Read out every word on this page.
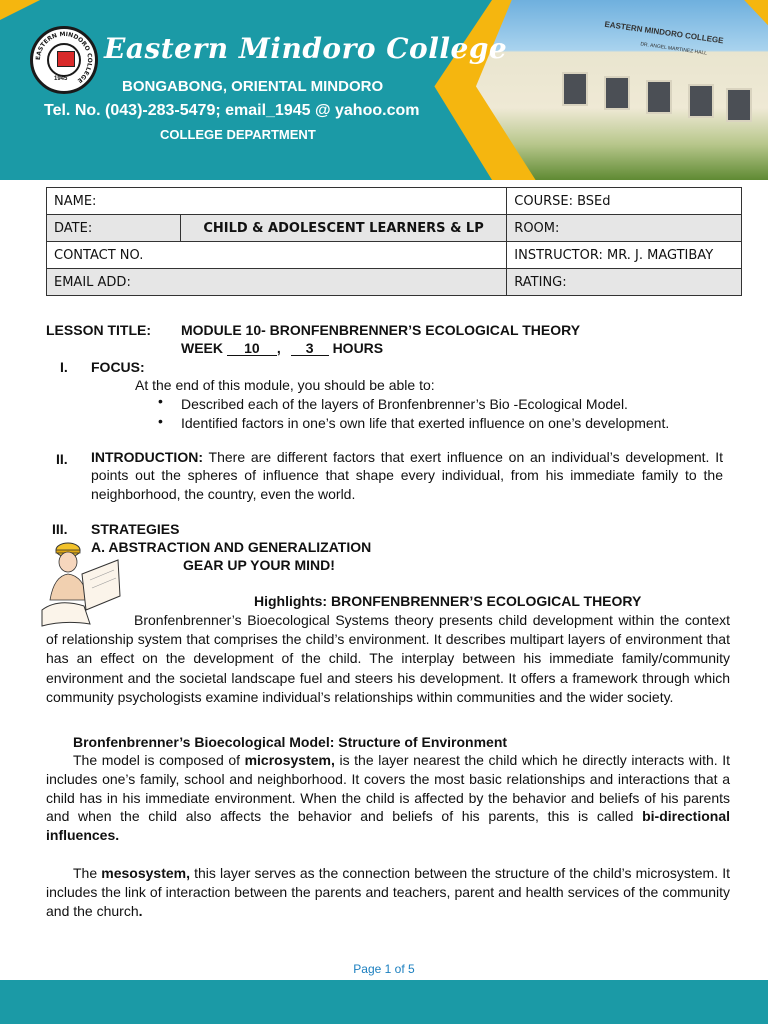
EASTERN MINDORO COLLEGE
DR. ANGEL MARTINEZ HALL
EASTERN MINDORO COLLEGE
1945
Eastern Mindoro College
BONGABONG, ORIENTAL MINDORO
Tel. No. (043)-283-5479; email_1945 @ yahoo.com
COLLEGE DEPARTMENT
NAME:		COURSE: BSEd
DATE:	CHILD & ADOLESCENT LEARNERS & LP	ROOM:
CONTACT NO.		INSTRUCTOR: MR. J. MAGTIBAY
EMAIL ADD:		RATING:
LESSON TITLE: MODULE 10- BRONFENBRENNER’S ECOLOGICAL THEORY
WEEK 10 , 3 HOURS
I. FOCUS:
At the end of this module, you should be able to:
• Described each of the layers of Bronfenbrenner’s Bio -Ecological Model.
• Identified factors in one’s own life that exerted influence on one’s development.
II. INTRODUCTION: There are different factors that exert influence on an individual’s development. It points out the spheres of influence that shape every individual, from his immediate family to the neighborhood, the country, even the world.
III. STRATEGIES
A. ABSTRACTION AND GENERALIZATION
GEAR UP YOUR MIND!
Highlights: BRONFENBRENNER’S ECOLOGICAL THEORY
Bronfenbrenner’s Bioecological Systems theory presents child development within the context of relationship system that comprises the child’s environment. It describes multipart layers of environment that has an effect on the development of the child. The interplay between his immediate family/community environment and the societal landscape fuel and steers his development. It offers a framework through which community psychologists examine individual’s relationships within communities and the wider society.
Bronfenbrenner’s Bioecological Model: Structure of Environment
The model is composed of microsystem, is the layer nearest the child which he directly interacts with. It includes one’s family, school and neighborhood. It covers the most basic relationships and interactions that a child has in his immediate environment. When the child is affected by the behavior and beliefs of his parents and when the child also affects the behavior and beliefs of his parents, this is called bi-directional influences.
The mesosystem, this layer serves as the connection between the structure of the child’s microsystem. It includes the link of interaction between the parents and teachers, parent and health services of the community and the church.
Page 1 of 5
